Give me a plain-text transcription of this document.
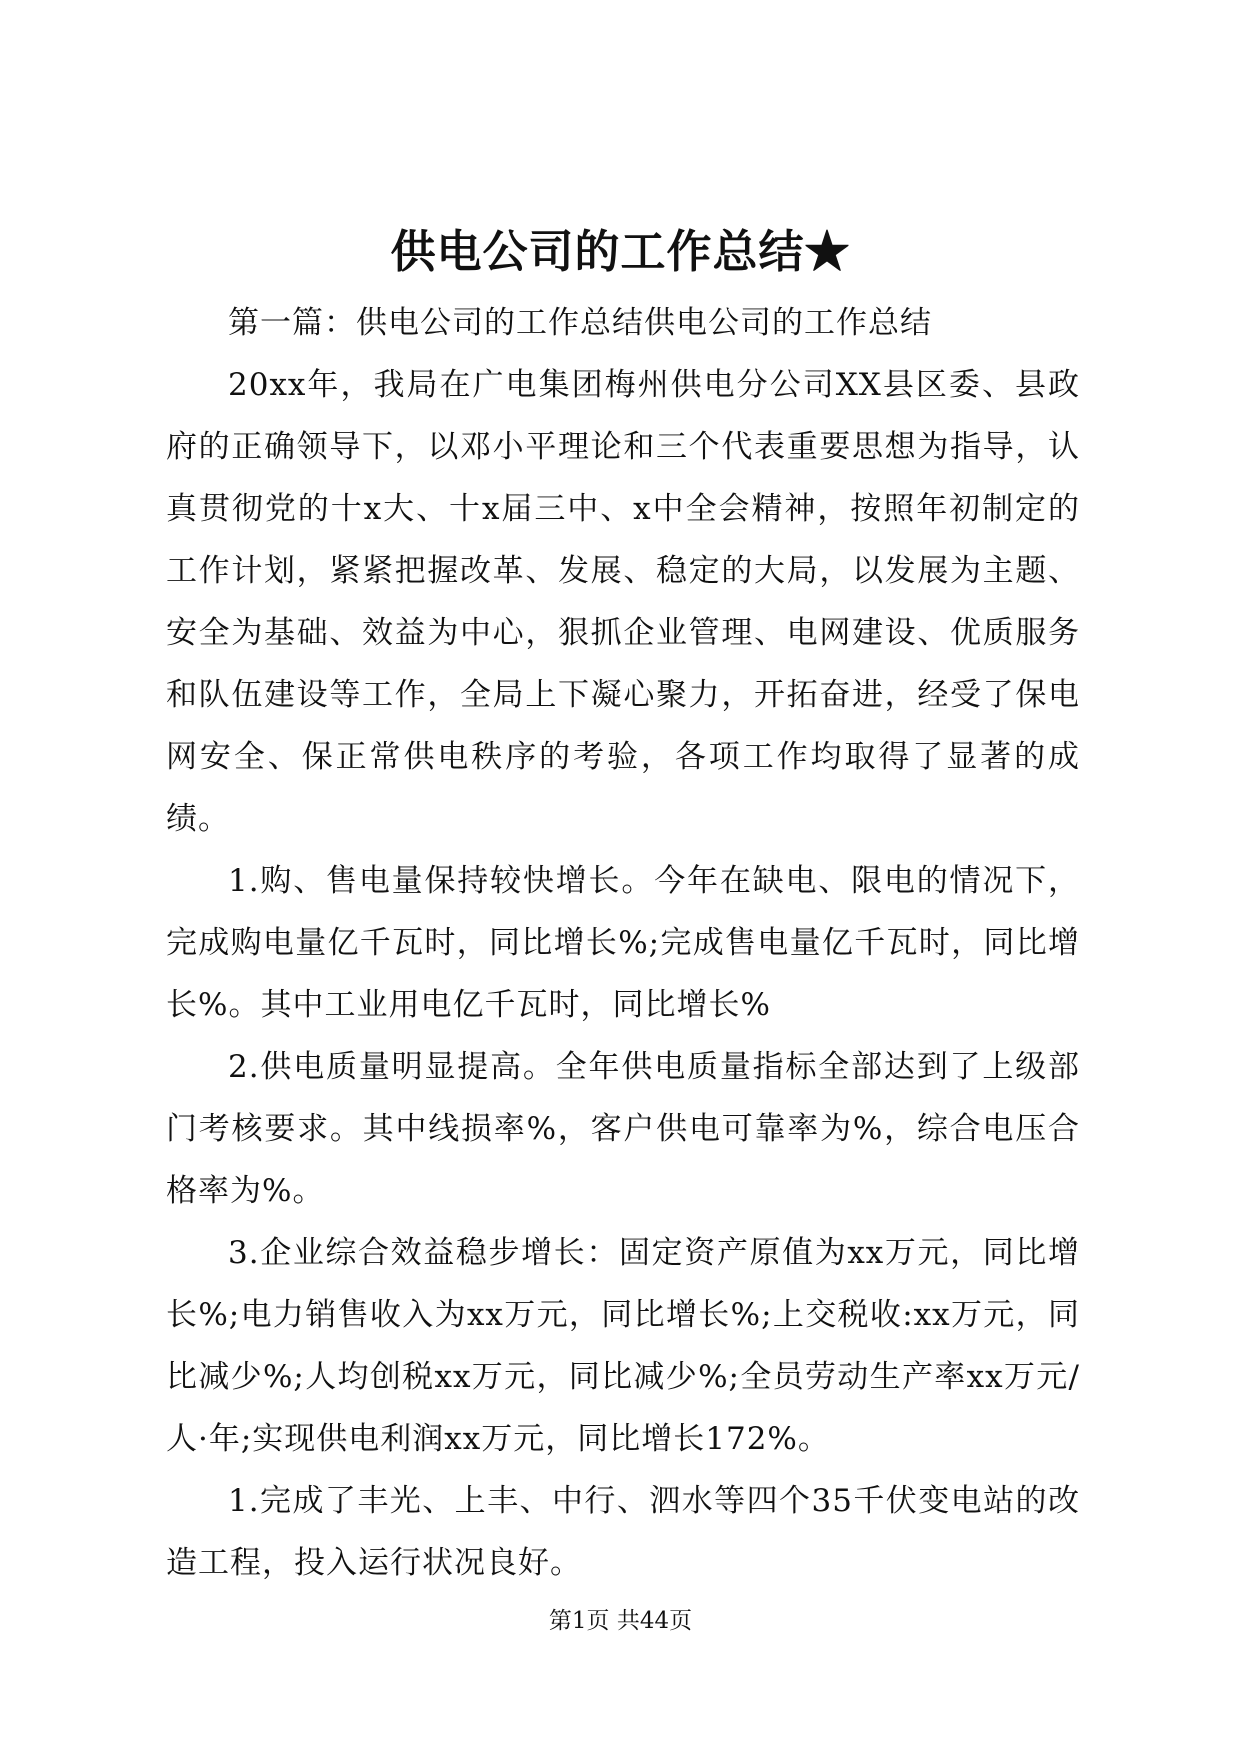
供电公司的工作总结★

第一篇：供电公司的工作总结供电公司的工作总结

20xx年，我局在广电集团梅州供电分公司XX县区委、县政府的正确领导下，以邓小平理论和三个代表重要思想为指导，认真贯彻党的十x大、十x届三中、x中全会精神，按照年初制定的工作计划，紧紧把握改革、发展、稳定的大局，以发展为主题、安全为基础、效益为中心，狠抓企业管理、电网建设、优质服务和队伍建设等工作，全局上下凝心聚力，开拓奋进，经受了保电网安全、保正常供电秩序的考验，各项工作均取得了显著的成绩。

1.购、售电量保持较快增长。今年在缺电、限电的情况下，完成购电量亿千瓦时，同比增长%;完成售电量亿千瓦时，同比增长%。其中工业用电亿千瓦时，同比增长%

2.供电质量明显提高。全年供电质量指标全部达到了上级部门考核要求。其中线损率%，客户供电可靠率为%，综合电压合格率为%。

3.企业综合效益稳步增长：固定资产原值为xx万元，同比增长%;电力销售收入为xx万元，同比增长%;上交税收:xx万元，同比减少%;人均创税xx万元，同比减少%;全员劳动生产率xx万元/人·年;实现供电利润xx万元，同比增长172%。

1.完成了丰光、上丰、中行、泗水等四个35千伏变电站的改造工程，投入运行状况良好。

第1页 共44页
